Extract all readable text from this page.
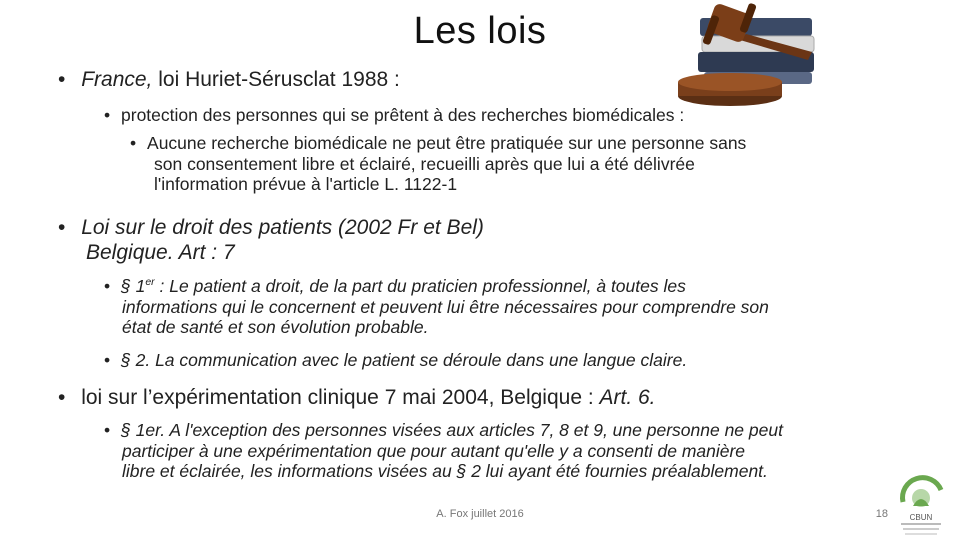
Les lois
• France, loi Huriet-Sérusclat 1988 :
• protection des personnes qui se prêtent à des recherches biomédicales :
• Aucune recherche biomédicale ne peut être pratiquée sur une personne sans
son consentement libre et éclairé, recueilli après que lui a été délivrée
l'information prévue à l'article L. 1122-1
• Loi sur le droit des patients (2002 Fr et Bel)
Belgique. Art : 7
• § 1er : Le patient a droit, de la part du praticien professionnel, à toutes les
informations qui le concernent et peuvent lui être nécessaires pour comprendre son
état de santé et son évolution probable.
• § 2. La communication avec le patient se déroule dans une langue claire.
• loi sur l’expérimentation clinique 7 mai 2004, Belgique : Art. 6.
• § 1er. A l'exception des personnes visées aux articles 7, 8 et 9, une personne ne peut
participer à une expérimentation que pour autant qu'elle y a consenti de manière
libre et éclairée, les informations visées au § 2 lui ayant été fournies préalablement.
A. Fox juillet 2016	18	CBUN
